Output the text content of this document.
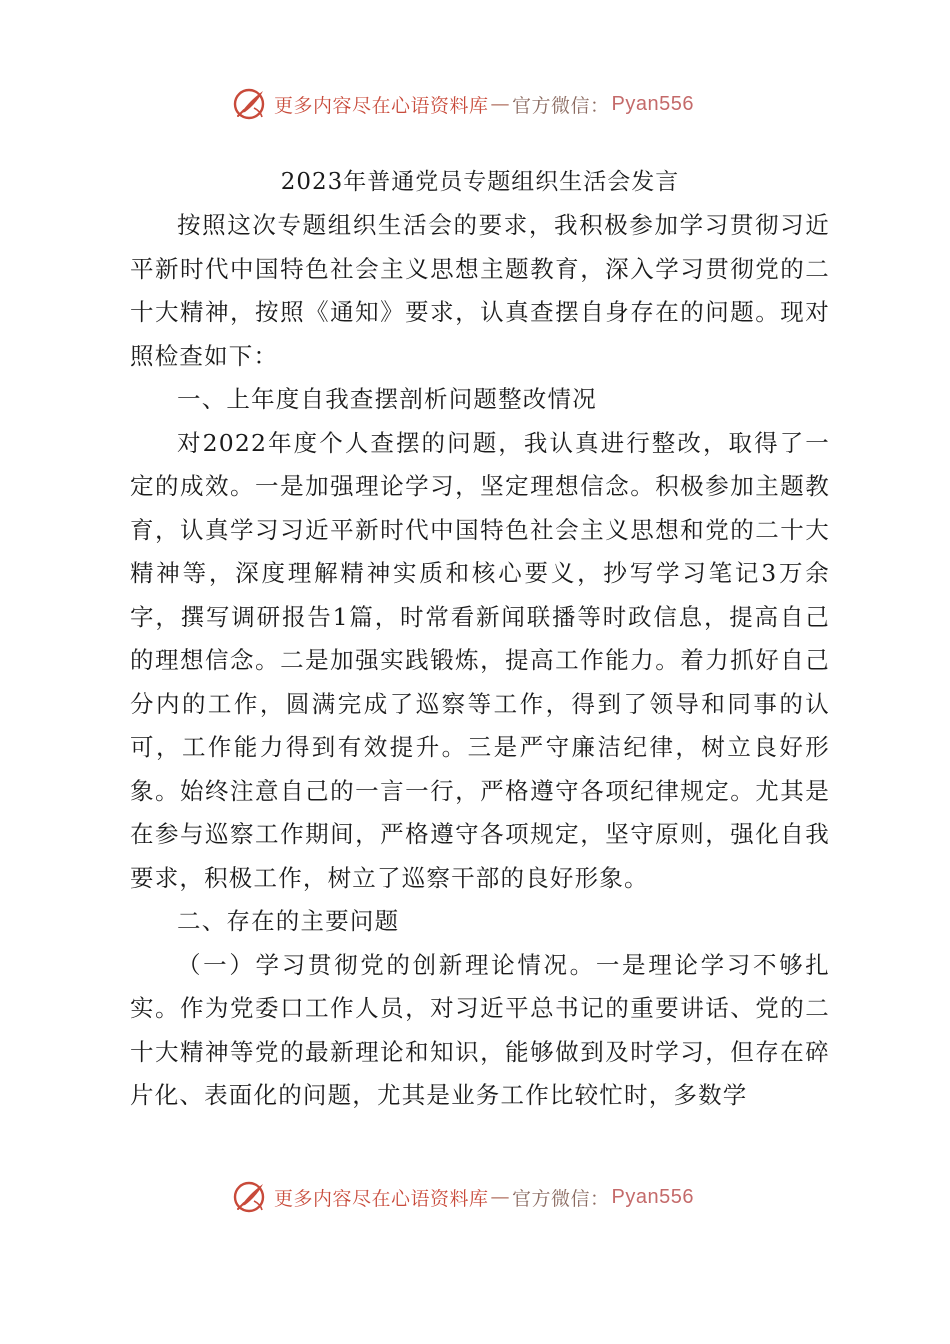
更多内容尽在心语资料库 — 官方微信： Pyan556
2023年普通党员专题组织生活会发言

按照这次专题组织生活会的要求，我积极参加学习贯彻习近平新时代中国特色社会主义思想主题教育，深入学习贯彻党的二十大精神，按照《通知》要求，认真查摆自身存在的问题。现对照检查如下：

一、上年度自我查摆剖析问题整改情况

对2022年度个人查摆的问题，我认真进行整改，取得了一定的成效。一是加强理论学习，坚定理想信念。积极参加主题教育，认真学习习近平新时代中国特色社会主义思想和党的二十大精神等，深度理解精神实质和核心要义，抄写学习笔记3万余字，撰写调研报告1篇，时常看新闻联播等时政信息，提高自己的理想信念。二是加强实践锻炼，提高工作能力。着力抓好自己分内的工作，圆满完成了巡察等工作，得到了领导和同事的认可，工作能力得到有效提升。三是严守廉洁纪律，树立良好形象。始终注意自己的一言一行，严格遵守各项纪律规定。尤其是在参与巡察工作期间，严格遵守各项规定，坚守原则，强化自我要求，积极工作，树立了巡察干部的良好形象。

二、存在的主要问题

（一）学习贯彻党的创新理论情况。一是理论学习不够扎实。作为党委口工作人员，对习近平总书记的重要讲话、党的二十大精神等党的最新理论和知识，能够做到及时学习，但存在碎片化、表面化的问题，尤其是业务工作比较忙时，多数学

更多内容尽在心语资料库 — 官方微信： Pyan556
